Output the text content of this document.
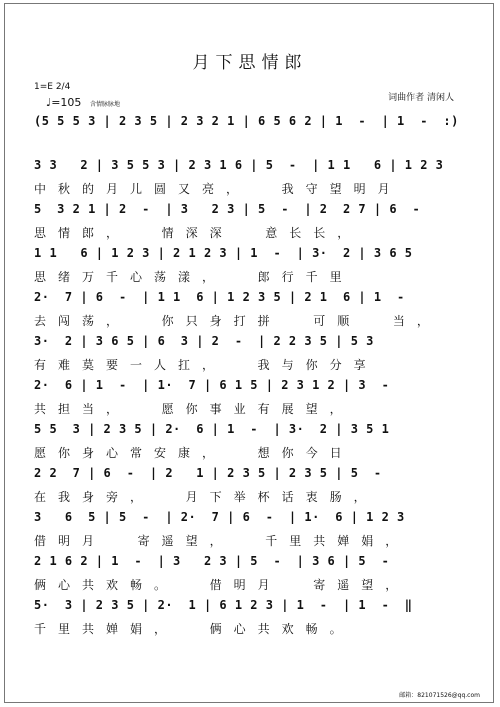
月下思情郎
1=E 2/4
♩=105 含情脉脉地
词曲作者 清闲人
(5 5 5 3 | 2 3 5 | 2 3 2 1 | 6 5 6 2 | 1  -  | 1  -  :)
3 3   2 | 3 5 5 3 | 2 3 1 6 | 5  -  | 1 1   6 | 1 2 3
中秋的月儿圆又亮，  我守望明月
5  3 2 1 | 2  -  | 3   2 3 | 5  -  | 2  2 7 | 6  -
思情郎，  情深深  意长长，
1 1   6 | 1 2 3 | 2 1 2 3 | 1  -  | 3·  2 | 3 6 5
思绪万千心荡漾，  郎行千里
2·  7 | 6  -  | 1 1  6 | 1 2 3 5 | 2 1  6 | 1  -
去闯荡，  你只身打拼  可顺  当，
3·  2 | 3 6 5 | 6  3 | 2  -  | 2 2 3 5 | 5 3
有难莫要一人扛，  我与你分享
2·  6 | 1  -  | 1·  7 | 6 1 5 | 2 3 1 2 | 3  -
共担当，  愿你事业有展望，
5 5  3 | 2 3 5 | 2·  6 | 1  -  | 3·  2 | 3 5 1
愿你身心常安康，  想你今日
2 2  7 | 6  -  | 2   1 | 2 3 5 | 2 3 5 | 5  -
在我身旁，  月下举杯话衷肠，
3   6  5 | 5  -  | 2·  7 | 6  -  | 1·  6 | 1 2 3
借明月  寄遥望，  千里共婵娟，
2 1 6 2 | 1  -  | 3   2 3 | 5  -  | 3 6 | 5  -
俩心共欢畅。  借明月  寄遥望，
5·  3 | 2 3 5 | 2·  1 | 6 1 2 3 | 1  -  | 1  -  ‖
千里共婵娟，  俩心共欢畅。
邮箱：821071526@qq.com
